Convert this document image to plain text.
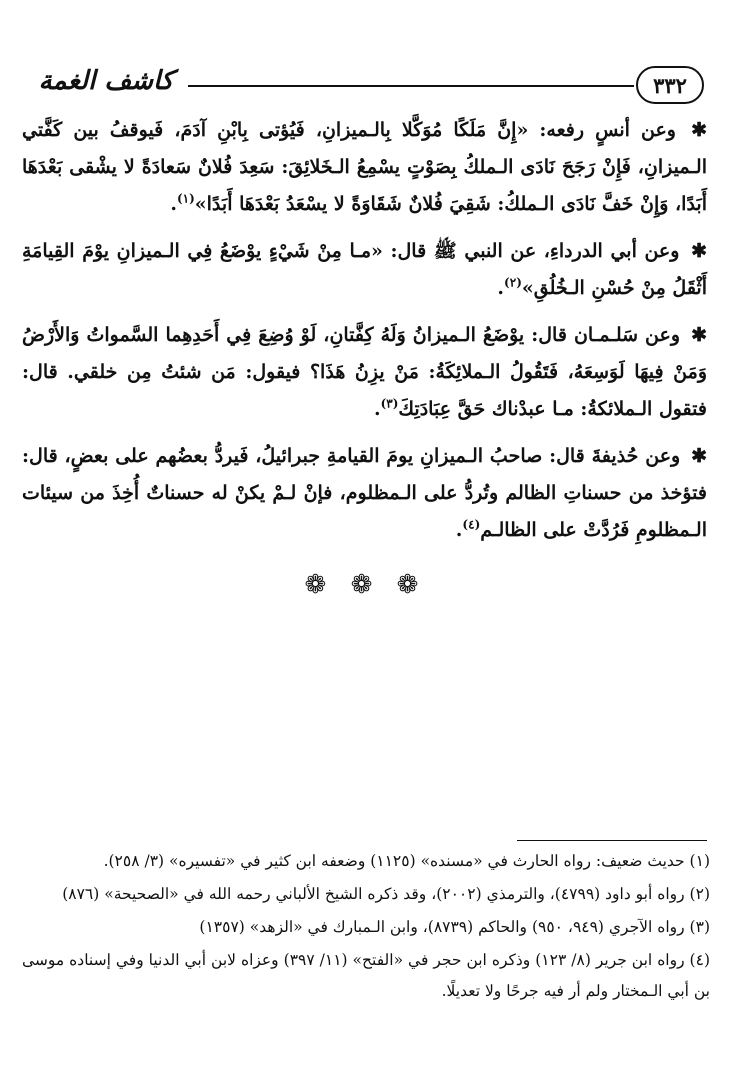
كاشف الغمة	٣٣٢

✱ وعن أنسٍ رفعه: «إِنَّ مَلَكًا مُوَكَّلا بِالـميزانِ، فَيُؤتى بِابْنِ آدَمَ، فَيوقفُ بين كَفَّتي الـميزانِ، فَإِنْ رَجَحَ نَادَى الـملكُ بِصَوْتٍ يسْمِعُ الـخَلائِقَ: سَعِدَ فُلانٌ سَعادَةً لا يشْقى بَعْدَهَا أَبَدًا، وَإِنْ خَفَّ نَادَى الـملكُ: شَقِيَ فُلانٌ شَقَاوَةً لا يسْعَدُ بَعْدَهَا أَبَدًا»$^{(١)}$.

✱ وعن أبي الدرداءِ، عن النبي ﷺ قال: «مـا مِنْ شَيْءٍ يوْضَعُ فِي الـميزانِ يوْمَ القِيامَةِ أَثْقَلُ مِنْ حُسْنِ الـخُلُقِ»$^{(٢)}$.

✱ وعن سَلـمـان قال: يوْضَعُ الـميزانُ وَلَهُ كِفَّتانِ، لَوْ وُضِعَ فِي أَحَدِهِما السَّمواتُ وَالأَرْضُ وَمَنْ فِيهَا لَوَسِعَهُ، فَتَقُولُ الـملائِكَةُ: مَنْ يزِنُ هَذَا؟ فيقول: مَن شئتُ مِن خلقي. قال: فتقول الـملائكةُ: مـا عبدْناك حَقَّ عِبَادَتِكَ$^{(٣)}$.

✱ وعن حُذيفةَ قال: صاحبُ الـميزانِ يومَ القيامةِ جبرائيلُ، فَيردُّ بعضُهم على بعضٍ، قال: فتؤخذ من حسناتِ الظالم وتُردُّ على الـمظلوم، فإنْ لـمْ يكنْ له حسناتٌ أُخِذَ من سيئات الـمظلومِ فَرُدَّتْ على الظالـم$^{(٤)}$.

❁ ❁ ❁

(١) حديث ضعيف: رواه الحارث في «مسنده» (١١٢٥) وضعفه ابن كثير في «تفسيره» (٣/ ٢٥٨).

(٢) رواه أبو داود (٤٧٩٩)، والترمذي (٢٠٠٢)، وقد ذكره الشيخ الألباني رحمه الله في «الصحيحة» (٨٧٦)

(٣) رواه الآجري (٩٤٩، ٩٥٠) والحاكم (٨٧٣٩)، وابن الـمبارك في «الزهد» (١٣٥٧)

(٤) رواه ابن جرير (٨/ ١٢٣) وذكره ابن حجر في «الفتح» (١١/ ٣٩٧) وعزاه لابن أبي الدنيا وفي إسناده موسى بن أبي الـمختار ولم أر فيه جرحًا ولا تعديلًا.
